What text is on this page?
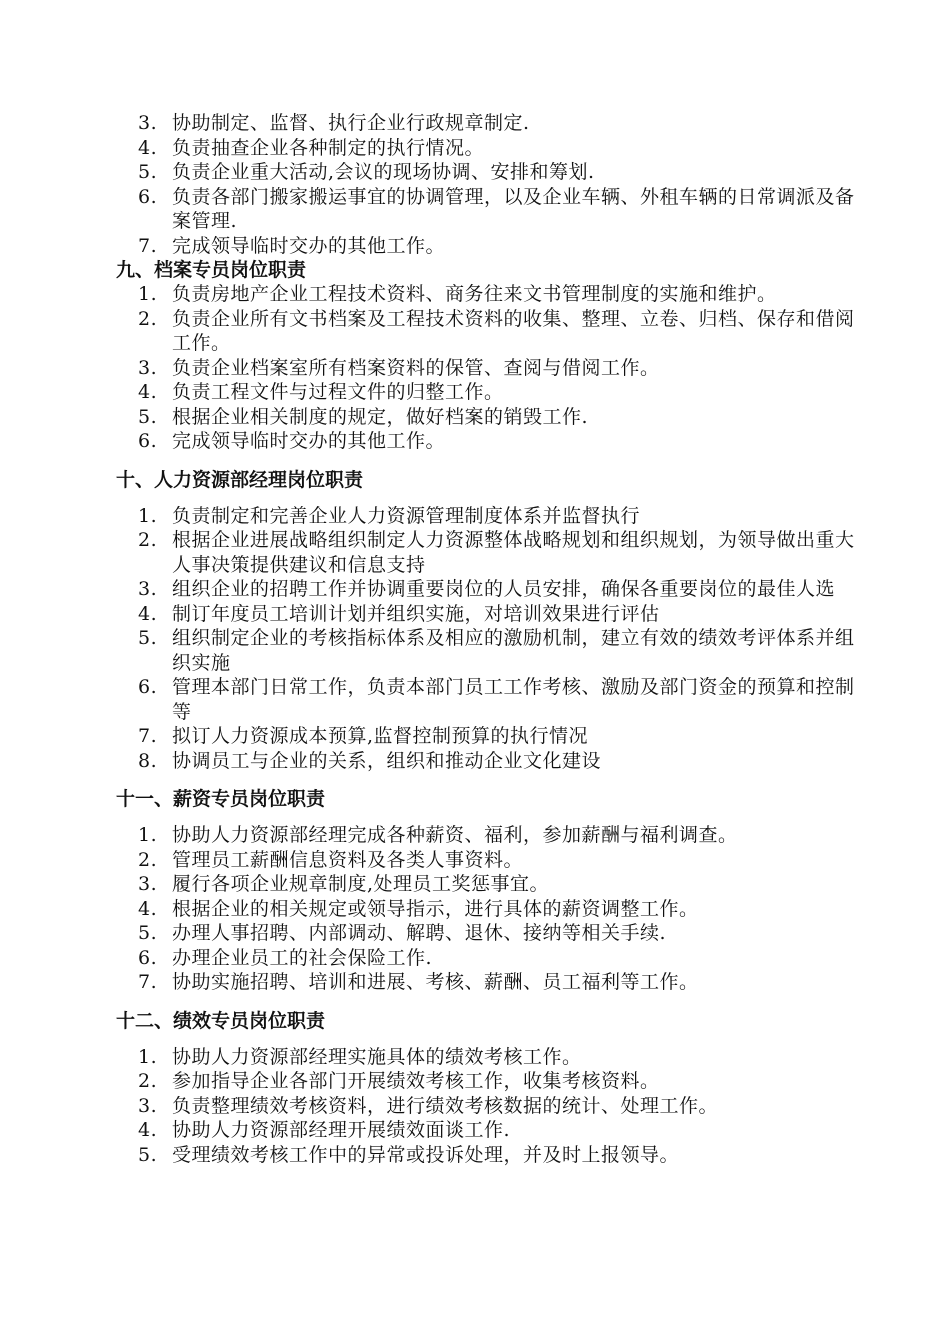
3. 协助制定、监督、执行企业行政规章制定.
4. 负责抽查企业各种制定的执行情况。
5. 负责企业重大活动,会议的现场协调、安排和筹划.
6. 负责各部门搬家搬运事宜的协调管理，以及企业车辆、外租车辆的日常调派及备案管理.
7. 完成领导临时交办的其他工作。
九、档案专员岗位职责
1. 负责房地产企业工程技术资料、商务往来文书管理制度的实施和维护。
2. 负责企业所有文书档案及工程技术资料的收集、整理、立卷、归档、保存和借阅工作。
3. 负责企业档案室所有档案资料的保管、查阅与借阅工作。
4. 负责工程文件与过程文件的归整工作。
5. 根据企业相关制度的规定，做好档案的销毁工作.
6. 完成领导临时交办的其他工作。
十、人力资源部经理岗位职责
1. 负责制定和完善企业人力资源管理制度体系并监督执行
2. 根据企业进展战略组织制定人力资源整体战略规划和组织规划，为领导做出重大人事决策提供建议和信息支持
3. 组织企业的招聘工作并协调重要岗位的人员安排，确保各重要岗位的最佳人选
4. 制订年度员工培训计划并组织实施，对培训效果进行评估
5. 组织制定企业的考核指标体系及相应的激励机制，建立有效的绩效考评体系并组织实施
6. 管理本部门日常工作，负责本部门员工工作考核、激励及部门资金的预算和控制等
7. 拟订人力资源成本预算,监督控制预算的执行情况
8. 协调员工与企业的关系，组织和推动企业文化建设
十一、薪资专员岗位职责
1. 协助人力资源部经理完成各种薪资、福利，参加薪酬与福利调查。
2. 管理员工薪酬信息资料及各类人事资料。
3. 履行各项企业规章制度,处理员工奖惩事宜。
4. 根据企业的相关规定或领导指示，进行具体的薪资调整工作。
5. 办理人事招聘、内部调动、解聘、退休、接纳等相关手续.
6. 办理企业员工的社会保险工作.
7. 协助实施招聘、培训和进展、考核、薪酬、员工福利等工作。
十二、绩效专员岗位职责
1. 协助人力资源部经理实施具体的绩效考核工作。
2. 参加指导企业各部门开展绩效考核工作，收集考核资料。
3. 负责整理绩效考核资料，进行绩效考核数据的统计、处理工作。
4. 协助人力资源部经理开展绩效面谈工作.
5. 受理绩效考核工作中的异常或投诉处理，并及时上报领导。
